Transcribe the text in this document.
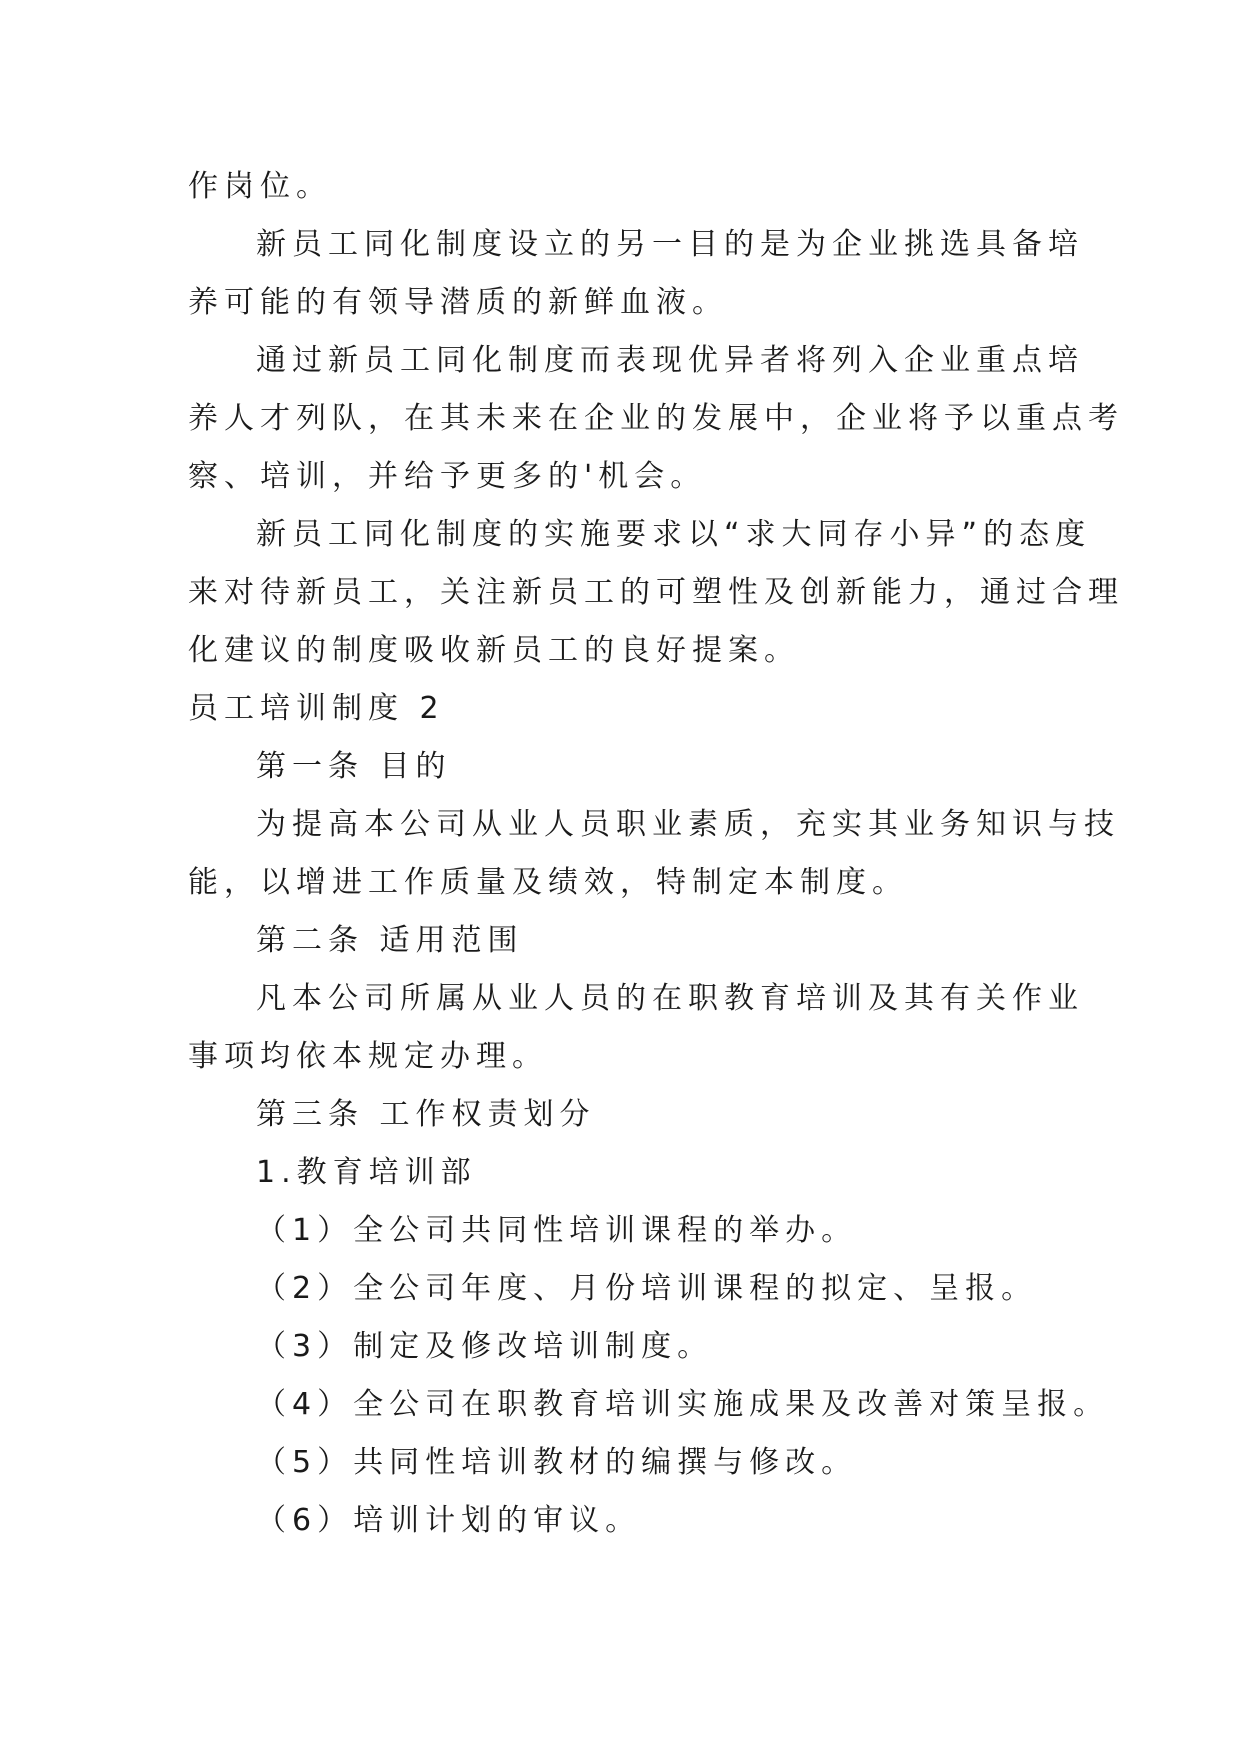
作岗位。

新员工同化制度设立的另一目的是为企业挑选具备培

养可能的有领导潜质的新鲜血液。

通过新员工同化制度而表现优异者将列入企业重点培

养人才列队，在其未来在企业的发展中，企业将予以重点考

察、培训，并给予更多的'机会。

新员工同化制度的实施要求以“求大同存小异”的态度

来对待新员工，关注新员工的可塑性及创新能力，通过合理

化建议的制度吸收新员工的良好提案。

员工培训制度 2

第一条 目的

为提高本公司从业人员职业素质，充实其业务知识与技

能，以增进工作质量及绩效，特制定本制度。

第二条 适用范围

凡本公司所属从业人员的在职教育培训及其有关作业

事项均依本规定办理。

第三条 工作权责划分

1.教育培训部

（1）全公司共同性培训课程的举办。

（2）全公司年度、月份培训课程的拟定、呈报。

（3）制定及修改培训制度。

（4）全公司在职教育培训实施成果及改善对策呈报。

（5）共同性培训教材的编撰与修改。

（6）培训计划的审议。
